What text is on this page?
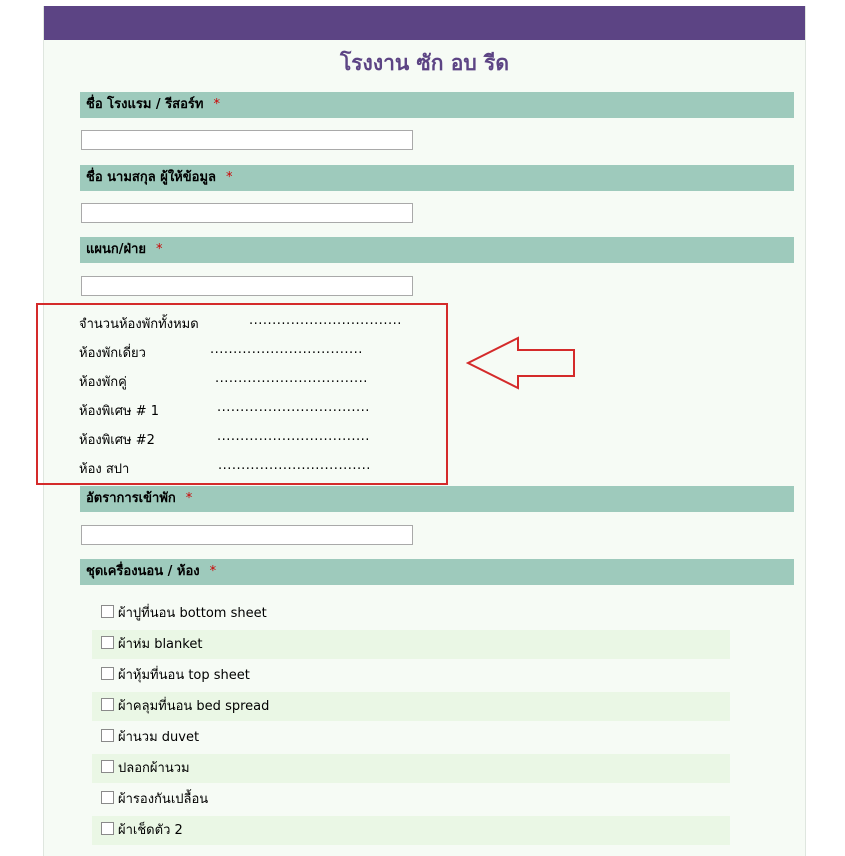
โรงงาน ซัก อบ รีด
ชื่อ โรงแรม / รีสอร์ท *
ชื่อ นามสกุล ผู้ให้ข้อมูล *
แผนก/ฝ่าย *
จำนวนห้องพักทั้งหมด	.................................
ห้องพักเดี่ยว	.................................
ห้องพักคู่	.................................
ห้องพิเศษ # 1	.................................
ห้องพิเศษ #2	.................................
ห้อง สปา	.................................
อัตราการเข้าพัก *
ชุดเครื่องนอน / ห้อง *
ผ้าปูที่นอน bottom sheet
ผ้าห่ม blanket
ผ้าหุ้มที่นอน top sheet
ผ้าคลุมที่นอน bed spread
ผ้านวม duvet
ปลอกผ้านวม
ผ้ารองกันเปลื้อน
ผ้าเช็ดตัว 2
